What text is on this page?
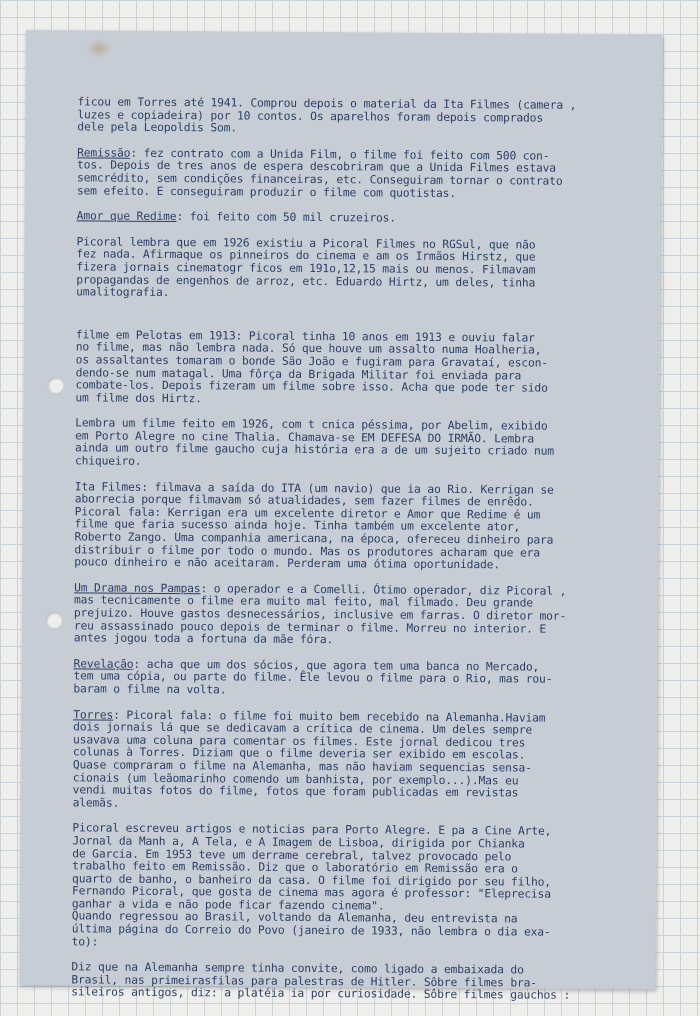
ficou em Torres até 1941. Comprou depois o material da Ita Filmes (camera ,
luzes e copiadeira) por 10 contos. Os aparelhos foram depois comprados
dele pela Leopoldis Som.

Remissão: fez contrato com a Unida Film, o filme foi feito com 500 con-
tos. Depois de tres anos de espera descobriram que a Unida Filmes estava
semcrédito, sem condições financeiras, etc. Conseguiram tornar o contrato
sem efeito. E conseguiram produzir o filme com quotistas.

Amor que Redime: foi feito com 50 mil cruzeiros.

Picoral lembra que em 1926 existiu a Picoral Filmes no RGSul, que não
fez nada. Afirmaque os pinneiros do cinema e am os Irmãos Hirstz, que
fizera jornais cinematogr ficos em 191o,12,15 mais ou menos. Filmavam
propagandas de engenhos de arroz, etc. Eduardo Hirtz, um deles, tinha
umalitografia.

filme em Pelotas em 1913: Picoral tinha 10 anos em 1913 e ouviu falar
no filme, mas não lembra nada. Só que houve um assalto numa Hoalheria,
os assaltantes tomaram o bonde São João e fugiram para Gravataí, escon-
dendo-se num matagal. Uma fôrça da Brigada Militar foi enviada para
combate-los. Depois fizeram um filme sobre isso. Acha que pode ter sido
um filme dos Hirtz.

Lembra um filme feito em 1926, com t cnica péssima, por Abelim, exibido
em Porto Alegre no cine Thalia. Chamava-se EM DEFESA DO IRMÃO. Lembra
ainda um outro filme gaucho cuja história era a de um sujeito criado num
chiqueiro.

Ita Filmes: filmava a saída do ITA (um navio) que ia ao Rio. Kerrigan se
aborrecia porque filmavam só atualidades, sem fazer filmes de enrêdo.
Picoral fala: Kerrigan era um excelente diretor e Amor que Redime é um
filme que faria sucesso ainda hoje. Tinha também um excelente ator,
Roberto Zango. Uma companhia americana, na época, ofereceu dinheiro para
distribuir o filme por todo o mundo. Mas os produtores acharam que era
pouco dinheiro e não aceitaram. Perderam uma ótima oportunidade.

Um Drama nos Pampas: o operador e a Comelli. Ótimo operador, diz Picoral ,
mas tecnicamente o filme era muito mal feito, mal filmado. Deu grande
prejuizo. Houve gastos desnecessários, inclusive em farras. O diretor mor-
reu assassinado pouco depois de terminar o filme. Morreu no interior. E
antes jogou toda a fortuna da mãe fóra.

Revelação: acha que um dos sócios, que agora tem uma banca no Mercado,
tem uma cópia, ou parte do filme. Êle levou o filme para o Rio, mas rou-
baram o filme na volta.

Torres: Picoral fala: o filme foi muito bem recebido na Alemanha.Haviam
dois jornais lá que se dedicavam a crítica de cinema. Um deles sempre
usavava uma coluna para comentar os filmes. Este jornal dedicou tres
colunas à Torres. Diziam que o filme deveria ser exibido em escolas.
Quase compraram o filme na Alemanha, mas não haviam sequencias sensa-
cionais (um leãomarinho comendo um banhista, por exemplo...).Mas eu
vendi muitas fotos do filme, fotos que foram publicadas em revistas
alemãs.

Picoral escreveu artigos e noticias para Porto Alegre. E pa a Cine Arte,
Jornal da Manh a, A Tela, e A Imagem de Lisboa, dirigida por Chianka
de Garcia. Em 1953 teve um derrame cerebral, talvez provocado pelo
trabalho feito em Remissão. Diz que o laboratório em Remissão era o
quarto de banho, o banheiro da casa. O filme foi dirigido por seu filho,
Fernando Picoral, que gosta de cinema mas agora é professor: "Eleprecisa
ganhar a vida e não pode ficar fazendo cinema".
Quando regressou ao Brasil, voltando da Alemanha, deu entrevista na
última página do Correio do Povo (janeiro de 1933, não lembra o dia exa-
to):

Diz que na Alemanha sempre tinha convite, como ligado a embaixada do
Brasil, nas primeirasfilas para palestras de Hitler. Sôbre filmes bra-
sileiros antigos, diz: a platéia ia por curiosidade. Sôbre filmes gauchos :
